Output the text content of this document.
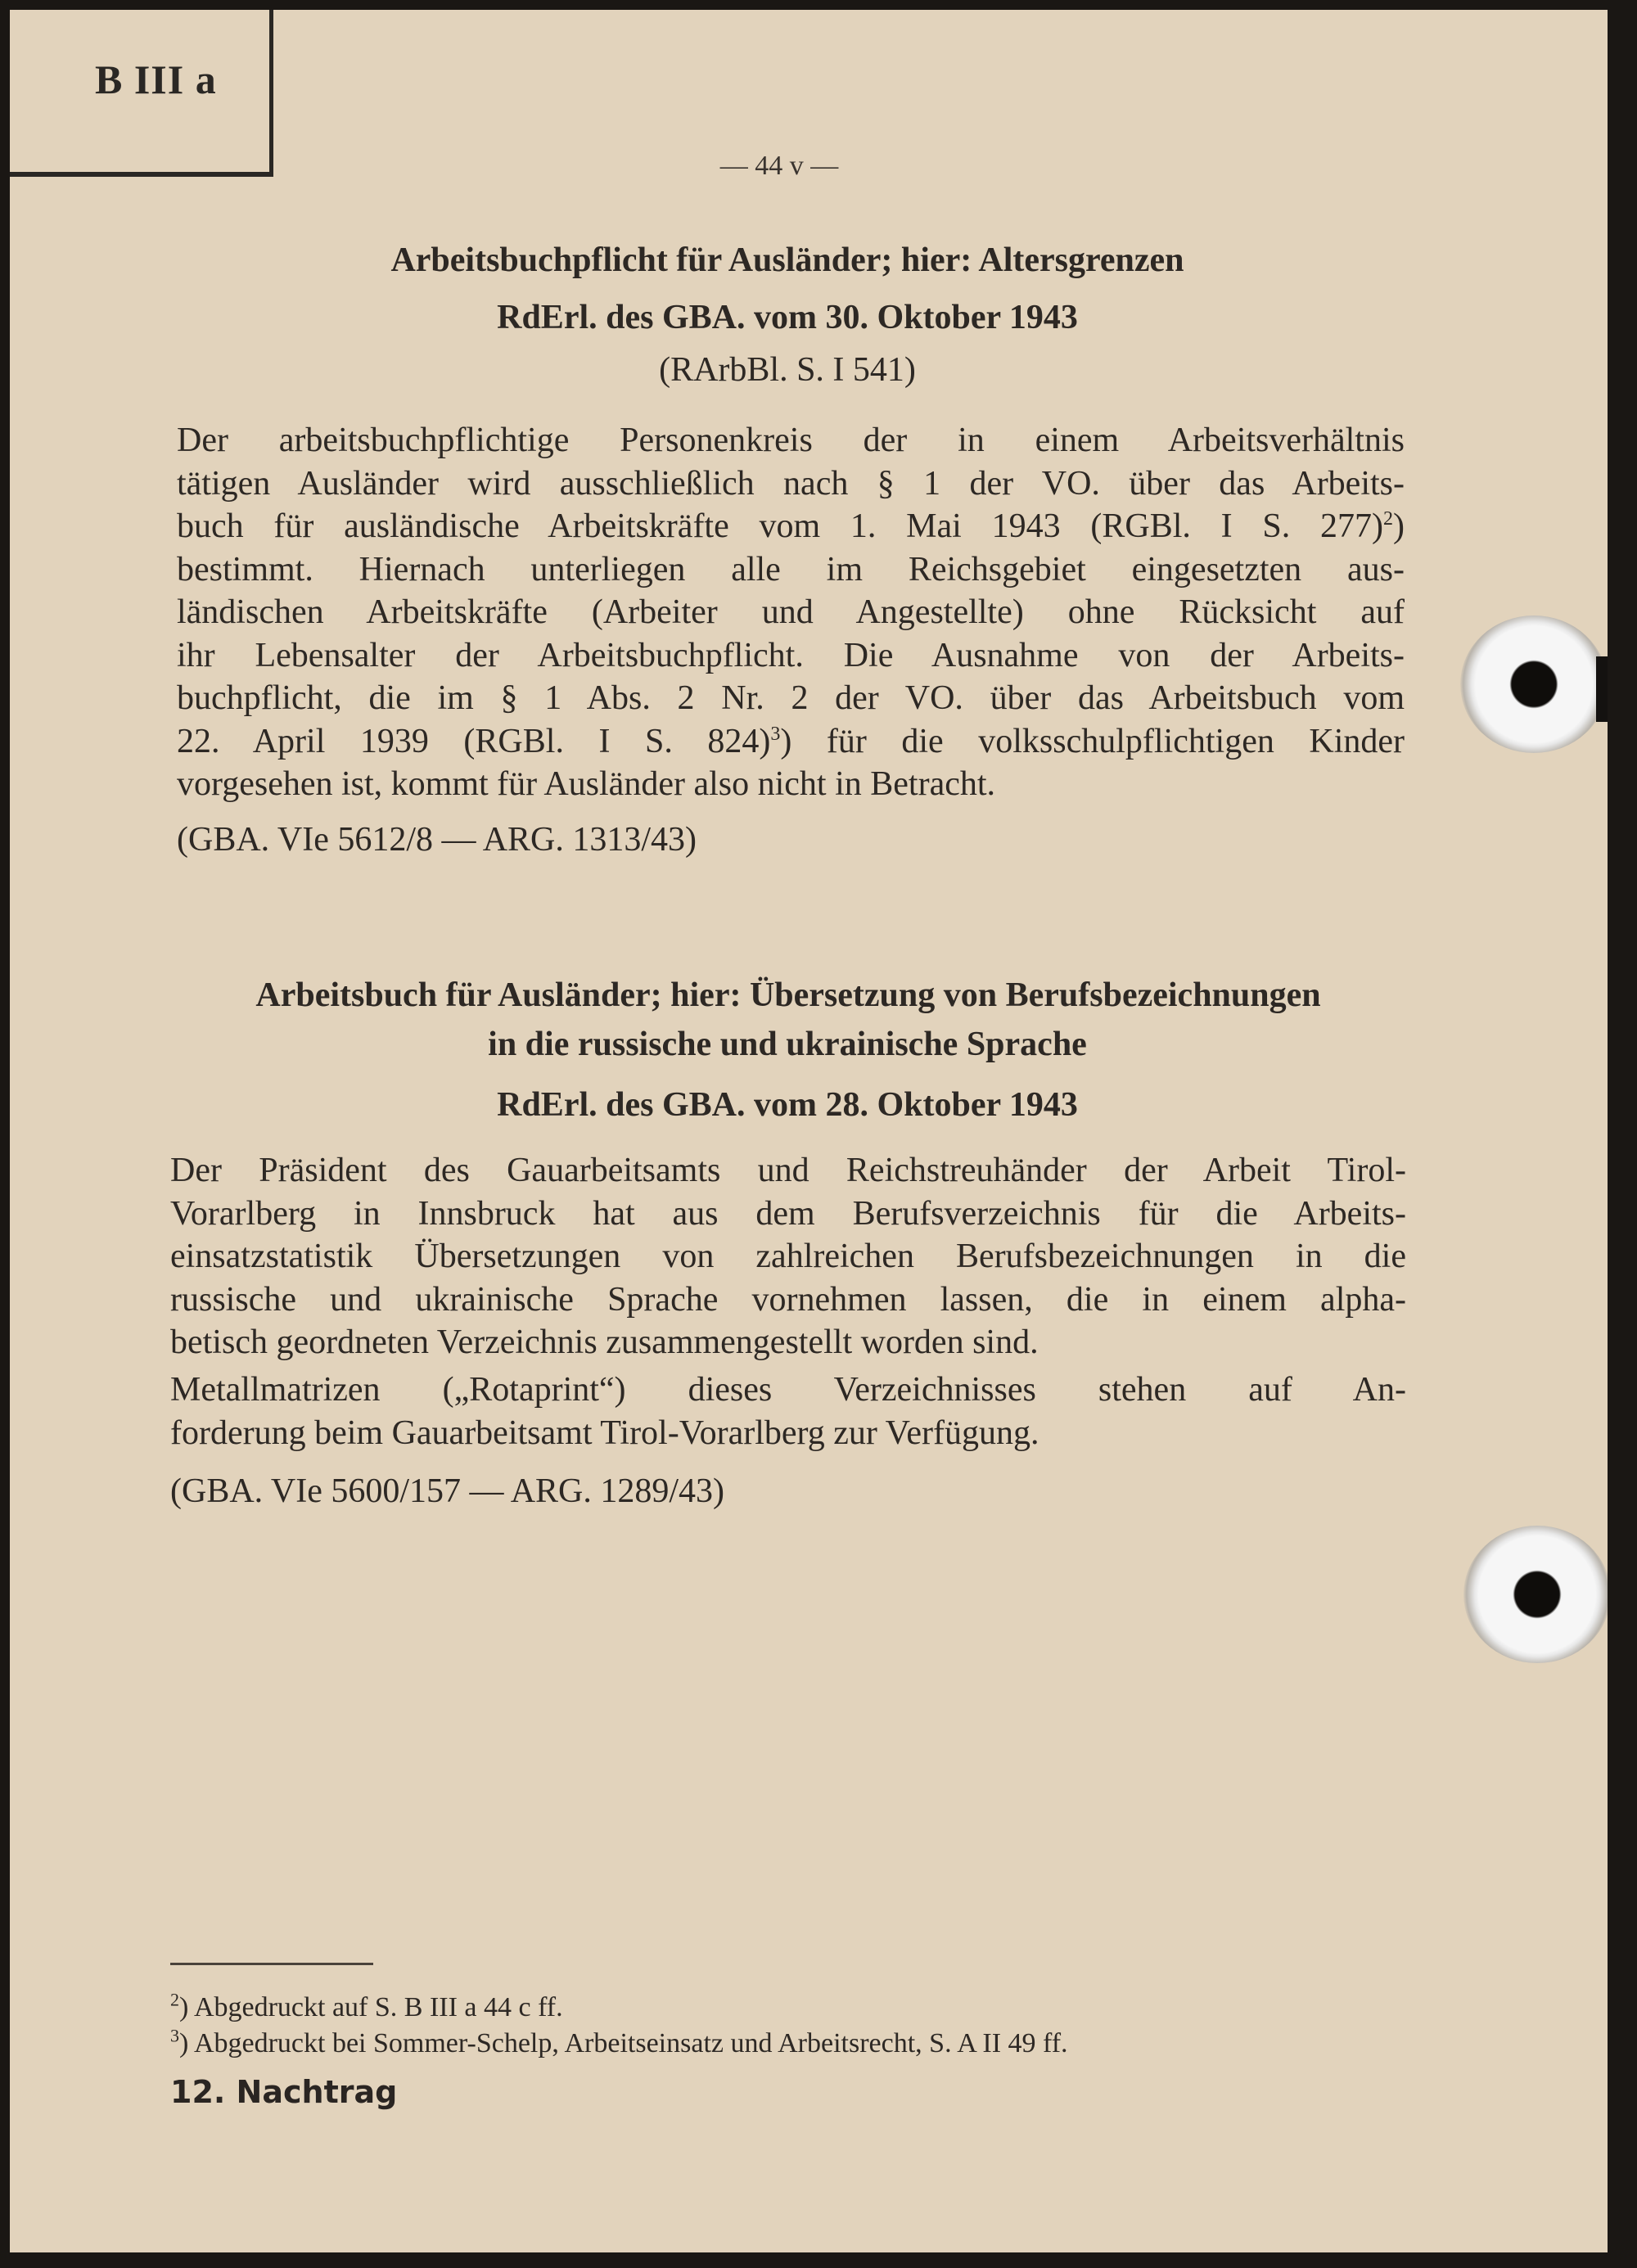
B III a
— 44 v —
Arbeitsbuchpflicht für Ausländer; hier: Altersgrenzen
RdErl. des GBA. vom 30. Oktober 1943
(RArbBl. S. I 541)
Der arbeitsbuchpflichtige Personenkreis der in einem Arbeitsverhältnis
tätigen Ausländer wird ausschließlich nach § 1 der VO. über das Arbeits-
buch für ausländische Arbeitskräfte vom 1. Mai 1943 (RGBl. I S. 277)$^2$)
bestimmt. Hiernach unterliegen alle im Reichsgebiet eingesetzten aus-
ländischen Arbeitskräfte (Arbeiter und Angestellte) ohne Rücksicht auf
ihr Lebensalter der Arbeitsbuchpflicht. Die Ausnahme von der Arbeits-
buchpflicht, die im § 1 Abs. 2 Nr. 2 der VO. über das Arbeitsbuch vom
22. April 1939 (RGBl. I S. 824)$^3$) für die volksschulpflichtigen Kinder
vorgesehen ist, kommt für Ausländer also nicht in Betracht.
(GBA. VIe 5612/8 — ARG. 1313/43)
Arbeitsbuch für Ausländer; hier: Übersetzung von Berufsbezeichnungen
in die russische und ukrainische Sprache
RdErl. des GBA. vom 28. Oktober 1943
Der Präsident des Gauarbeitsamts und Reichstreuhänder der Arbeit Tirol-
Vorarlberg in Innsbruck hat aus dem Berufsverzeichnis für die Arbeits-
einsatzstatistik Übersetzungen von zahlreichen Berufsbezeichnungen in die
russische und ukrainische Sprache vornehmen lassen, die in einem alpha-
betisch geordneten Verzeichnis zusammengestellt worden sind.
Metallmatrizen („Rotaprint“) dieses Verzeichnisses stehen auf An-
forderung beim Gauarbeitsamt Tirol-Vorarlberg zur Verfügung.
(GBA. VIe 5600/157 — ARG. 1289/43)
$^2$) Abgedruckt auf S. B III a 44 c ff.
$^3$) Abgedruckt bei Sommer-Schelp, Arbeitseinsatz und Arbeitsrecht, S. A II 49 ff.
12. Nachtrag
